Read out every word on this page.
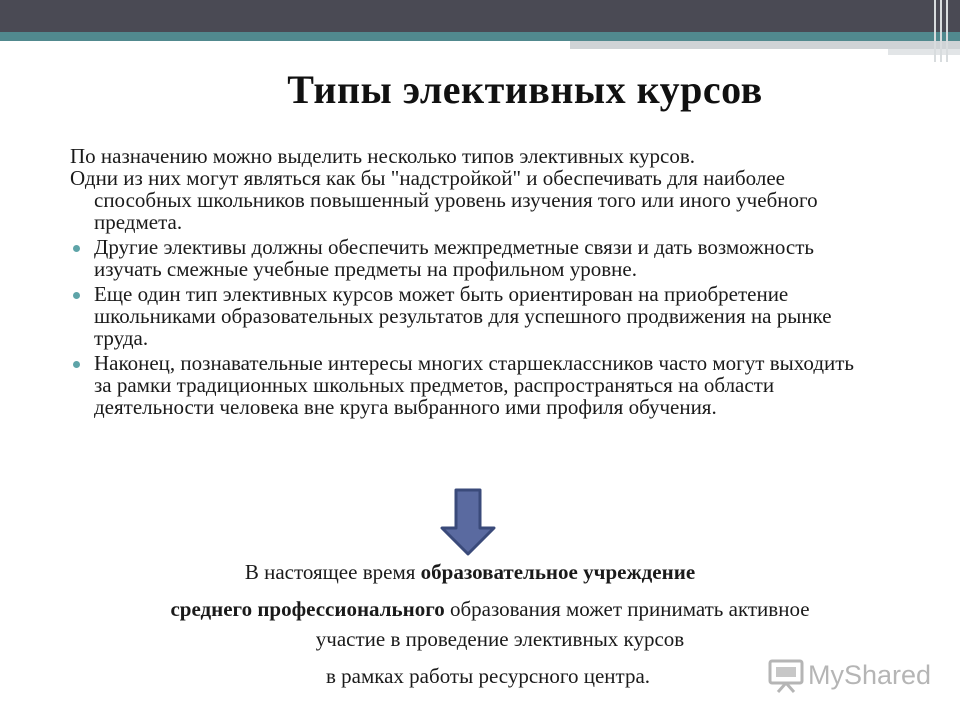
Типы элективных курсов

По назначению можно выделить несколько типов элективных курсов.

Одни из них могут являться как бы "надстройкой" и обеспечивать для наиболее способных школьников повышенный уровень изучения того или иного учебного предмета.

Другие элективы должны обеспечить межпредметные связи и дать возможность изучать смежные учебные предметы на профильном уровне.
Еще один тип элективных курсов может быть ориентирован на приобретение школьниками образовательных результатов для успешного продвижения на рынке труда.
Наконец, познавательные интересы многих старшеклассников часто могут выходить за рамки традиционных школьных предметов, распространяться на области деятельности человека вне круга выбранного ими профиля обучения.
В настоящее время образовательное учреждение
среднего профессионального образования может принимать активное
участие в проведение элективных курсов
в рамках работы ресурсного центра.	MyShared
